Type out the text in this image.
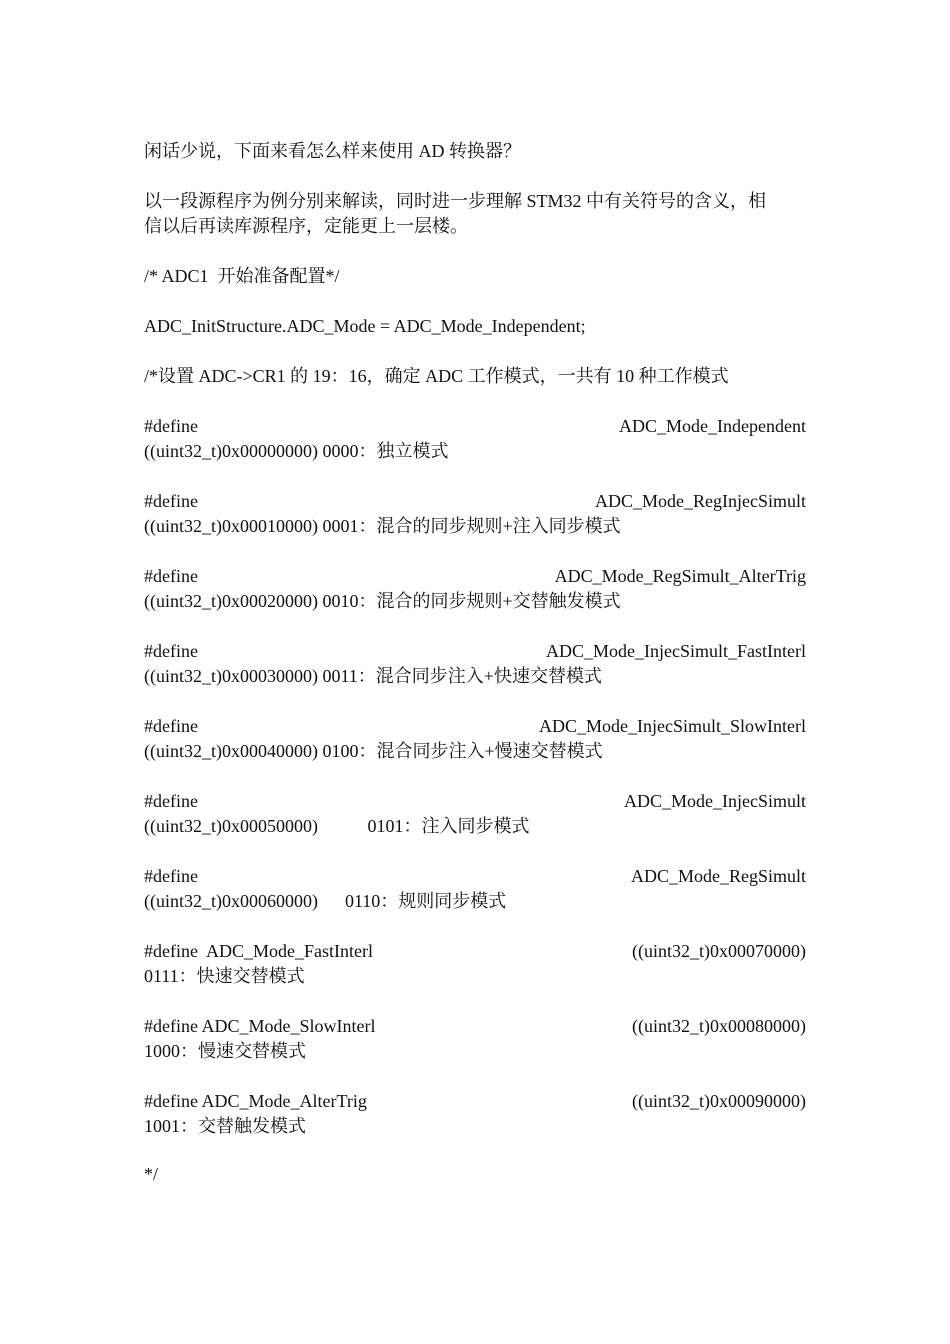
闲话少说，下面来看怎么样来使用 AD 转换器？
以一段源程序为例分别来解读，同时进一步理解 STM32 中有关符号的含义，相
信以后再读库源程序，定能更上一层楼。
/* ADC1  开始准备配置*/
ADC_InitStructure.ADC_Mode = ADC_Mode_Independent;
/*设置 ADC->CR1 的 19：16，确定 ADC 工作模式，一共有 10 种工作模式
#define	ADC_Mode_Independent
((uint32_t)0x00000000) 0000：独立模式
#define	ADC_Mode_RegInjecSimult
((uint32_t)0x00010000) 0001：混合的同步规则+注入同步模式
#define	ADC_Mode_RegSimult_AlterTrig
((uint32_t)0x00020000) 0010：混合的同步规则+交替触发模式
#define	ADC_Mode_InjecSimult_FastInterl
((uint32_t)0x00030000) 0011：混合同步注入+快速交替模式
#define	ADC_Mode_InjecSimult_SlowInterl
((uint32_t)0x00040000) 0100：混合同步注入+慢速交替模式
#define	ADC_Mode_InjecSimult
((uint32_t)0x00050000)           0101：注入同步模式
#define	ADC_Mode_RegSimult
((uint32_t)0x00060000)      0110：规则同步模式
#define  ADC_Mode_FastInterl	((uint32_t)0x00070000)
0111：快速交替模式
#define ADC_Mode_SlowInterl	((uint32_t)0x00080000)
1000：慢速交替模式
#define ADC_Mode_AlterTrig	((uint32_t)0x00090000)
1001：交替触发模式
*/
